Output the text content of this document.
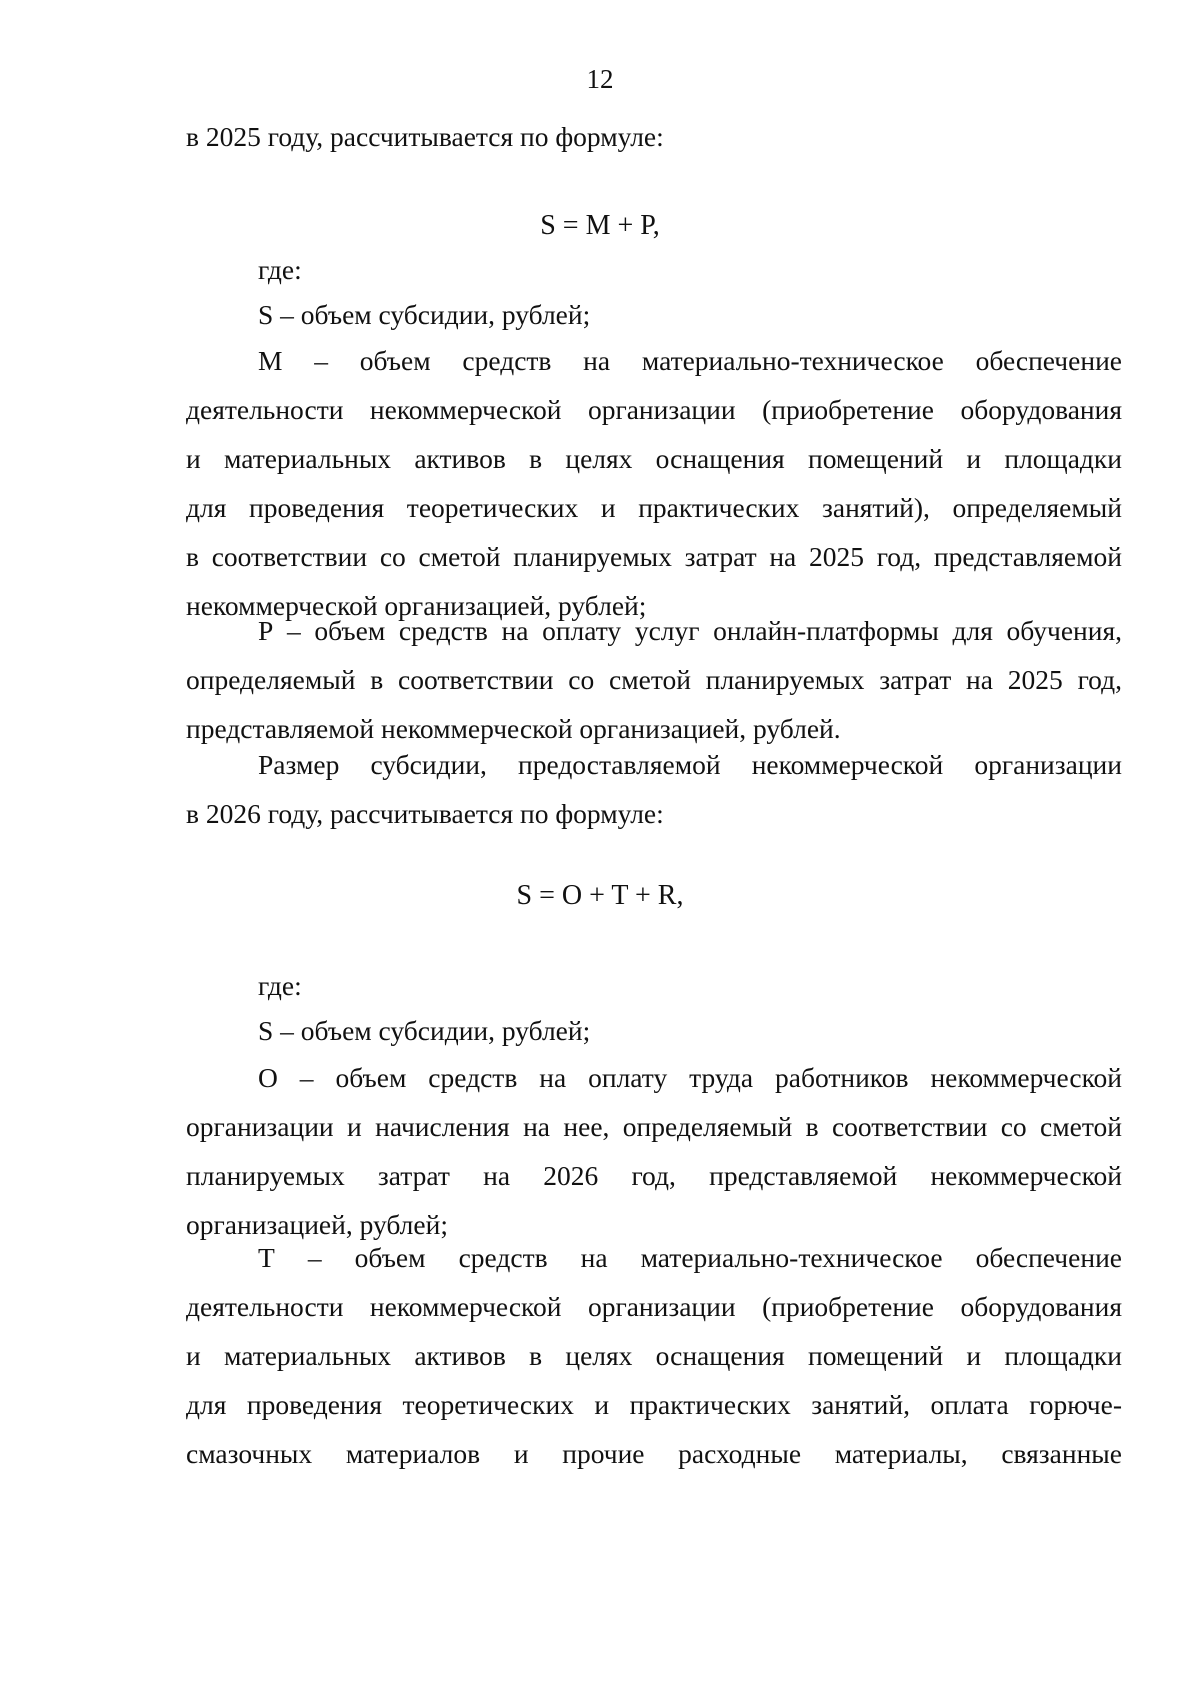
12
в 2025 году, рассчитывается по формуле:
S = M + P,
где:
S – объем субсидии, рублей;
М – объем средств на материально-техническое обеспечение
деятельности некоммерческой организации (приобретение оборудования
и материальных активов в целях оснащения помещений и площадки
для проведения теоретических и практических занятий), определяемый
в соответствии со сметой планируемых затрат на 2025 год, представляемой
некоммерческой организацией, рублей;
Р – объем средств на оплату услуг онлайн-платформы для обучения,
определяемый в соответствии со сметой планируемых затрат на 2025 год,
представляемой некоммерческой организацией, рублей.
Размер субсидии, предоставляемой некоммерческой организации
в 2026 году, рассчитывается по формуле:
S = O + T + R,
где:
S – объем субсидии, рублей;
О – объем средств на оплату труда работников некоммерческой
организации и начисления на нее, определяемый в соответствии со сметой
планируемых затрат на 2026 год, представляемой некоммерческой
организацией, рублей;
Т – объем средств на материально-техническое обеспечение
деятельности некоммерческой организации (приобретение оборудования
и материальных активов в целях оснащения помещений и площадки
для проведения теоретических и практических занятий, оплата горюче-
смазочных материалов и прочие расходные материалы, связанные
